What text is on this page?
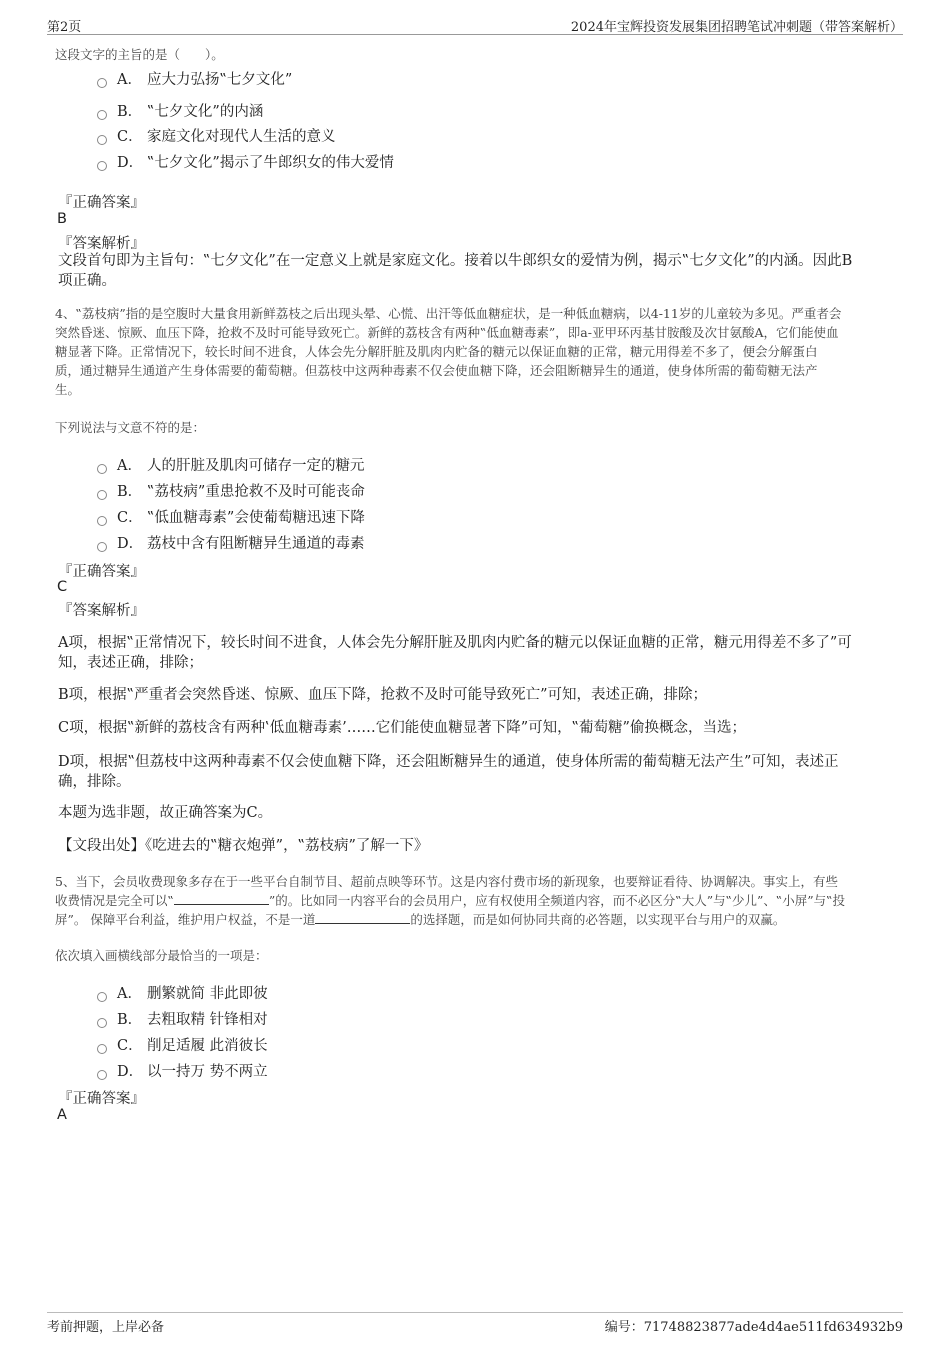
第2页	2024年宝辉投资发展集团招聘笔试冲刺题（带答案解析）
这段文字的主旨的是（　　）。
A． 应大力弘扬‟七夕文化”
B． ‟七夕文化”的内涵
C． 家庭文化对现代人生活的意义
D． ‟七夕文化”揭示了牛郎织女的伟大爱情
『正确答案』
B
『答案解析』
文段首句即为主旨句：‟七夕文化”在一定意义上就是家庭文化。接着以牛郎织女的爱情为例，揭示‟七夕文化”的内涵。因此B
项正确。
4、‟荔枝病”指的是空腹时大量食用新鲜荔枝之后出现头晕、心慌、出汗等低血糖症状，是一种低血糖病，以4-11岁的儿童较为多见。严重者会
突然昏迷、惊厥、血压下降，抢救不及时可能导致死亡。新鲜的荔枝含有两种‟低血糖毒素”，即a-亚甲环丙基甘胺酸及次甘氨酸A，它们能使血
糖显著下降。正常情况下，较长时间不进食，人体会先分解肝脏及肌肉内贮备的糖元以保证血糖的正常，糖元用得差不多了，便会分解蛋白
质，通过糖异生通道产生身体需要的葡萄糖。但荔枝中这两种毒素不仅会使血糖下降，还会阻断糖异生的通道，使身体所需的葡萄糖无法产
生。
下列说法与文意不符的是：
A． 人的肝脏及肌肉可储存一定的糖元
B． ‟荔枝病”重患抢救不及时可能丧命
C． ‟低血糖毒素”会使葡萄糖迅速下降
D． 荔枝中含有阻断糖异生通道的毒素
『正确答案』
C
『答案解析』
A项，根据‟正常情况下，较长时间不进食，人体会先分解肝脏及肌肉内贮备的糖元以保证血糖的正常，糖元用得差不多了”可
知，表述正确，排除；
B项，根据‟严重者会突然昏迷、惊厥、血压下降，抢救不及时可能导致死亡”可知，表述正确，排除；
C项，根据‟新鲜的荔枝含有两种‛低血糖毒素’……它们能使血糖显著下降”可知，‟葡萄糖”偷换概念，当选；
D项，根据‟但荔枝中这两种毒素不仅会使血糖下降，还会阻断糖异生的通道，使身体所需的葡萄糖无法产生”可知，表述正
确，排除。
本题为选非题，故正确答案为C。
【文段出处】《吃进去的‟糖衣炮弹”，‟荔枝病”了解一下》
5、当下，会员收费现象多存在于一些平台自制节目、超前点映等环节。这是内容付费市场的新现象，也要辩证看待、协调解决。事实上，有些
收费情况是完全可以‟	”的。比如同一内容平台的会员用户，应有权使用全频道内容，而不必区分‟大人”与‟少儿”、‟小屏”与‟投
屏”。 保障平台利益，维护用户权益，不是一道	的选择题，而是如何协同共商的必答题，以实现平台与用户的双赢。
依次填入画横线部分最恰当的一项是：
A． 删繁就简 非此即彼
B． 去粗取精 针锋相对
C． 削足适履 此消彼长
D． 以一持万 势不两立
『正确答案』
A
考前押题，上岸必备	编号：71748823877ade4d4ae511fd634932b9
